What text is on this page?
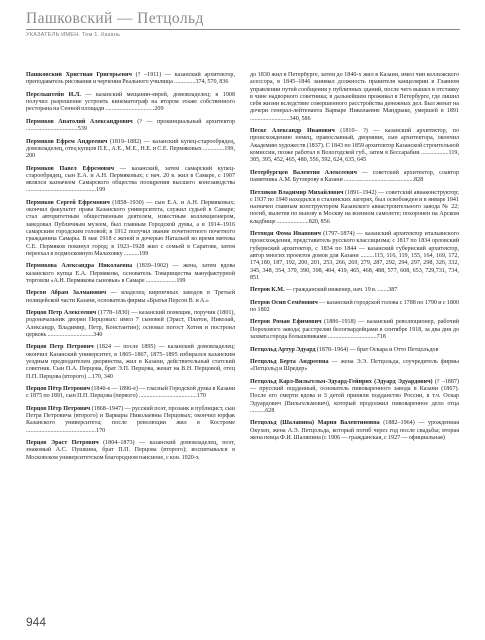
Пашковский — Петцольд
УКАЗАТЕЛЬ ИМЕН. Том 1. Казань

Пашковский Христиан Григорьевич (? –1911) — казанский архитектор, преподаватель рисования и черчения Реального училища ..............374, 570, 836

Перельштейн И.Л. — казанский мещанин-еврей, домовладелец; в 1908 получил разрешение устроить кинематограф на втором этаже собственного ресторана на Сенной площади ................................209

Пермяков Анатолий Александрович (? — прокинциальный архитектор ..................................539

Пермяков Ефрем Андреевич (1819–1882) — казанский купец-старообрядец, домовладелец, отец купцов П.Е., А.Е., М.Е., Н.Е. и С.Е. Пермяковых ..............199, 200

Пермяков Павел Ефремович — казанский, затем самарский купец-старообрядец, сын Е.А. и А.Н. Пермяковых; с нач. 20 в. жил в Самаре, с 1907 являлся казначеем Самарского общества поощрения высшего конезаводства ..............................................199

Пермяков Сергей Ефремович (1858–1930) — сын Е.А. и А.Н. Пермяковых; окончил факультет права Казанского университета, служил судьей в Самаре; стал авторитетным общественным деятелем, известным коллекционером, заведовал Публичным музеем, был главным Городской думы, а в 1914–1916 самарским городским головой; в 1912 получил звание почетнотного почетного гражданина Самары. В мае 1918 с женой и дочерью Натальей во время мятежа С.Е. Пермяков покинул город; в 1923–1928 жил с семьей в Саратове, затем переехал в подмосковную Малаховку ..........199

Пермякова Александра Николаевна (1839–1902) — жена, затем вдова казанского купца Е.А. Пермякова, основатель Товарищества мануфактурной торговли «А.Н. Пермякова сыновья» в Самаре ....................199

Персон Абрам Залманович — владелец кирпичных заводов в Третьей полицейской части Казани, основатель фирмы «Братья Персон В. и А.»

Перцов Петр Алексеевич (1778–1830) — казанский помещик, поручик (1801), родоначальник дворян Перцовых: имел 7 сыновей (Эраст, Платон, Николай, Александр, Владимир, Петр, Константин); основал погост Хотня и построил церковь ..............................340

Перцов Петр Петрович (1824 — после 1895) — казанский домовладелец; окончил Казанский университет, в 1865–1867, 1875–1895 избирался казанским уездным предводителем дворянства, жил в Казани, действительный статский советник. Сын П.А. Перцова, брат Э.П. Перцова, женат на В.Н. Перцовой, отец П.П. Перцова (второго) ...170, 340

Перцов Пётр Петрович (1840-е — 1896-е) — гласный Городской думы в Казани с 1875 по 1891, сын П.П. Перцова (первого) ......................................170

Перцов Пётр Петрович (1868–1947) — русский поэт, прозаик и публицист, сын Петра Петровича (второго) и Варвары Николаевны Перцовых; окончил юрфак Казанского университета; после революции жил в Костроме ..............................................170

Перцов Эраст Петрович (1804–1873) — казанский домовладелец, поэт, знакомый А.С. Пушкина, брат П.П. Перцова (второго); воспитывался в Московском университетском благородном пансионе, с кон. 1920-х

до 1830 жил в Петербурге, затем до 1840-х жил в Казани, имел чин коллежского асессора, в 1845–1846 занимал должность правителя канцелярии в Главном управлении путей сообщения у публичных зданий, после чего вышел в отставку в чине надворного советника; в дальнейшем проживал в Петербурге, где лишил себя жизни вследствие совершенного расстройства денежных дел. Был женат на дочери генерал-лейтенанта Варваре Николаевне Мандрыке, умершей в 1891 ..........................340, 586

Песке Александр Иванович (1810– ?) — казанский архитектор, по происхождению немец, православный, дворянин, сын архитектора, окончил Академию художеств (1837). С 1843 по 1859 архитектор Казанской строительной комиссии, позже работал в Вологодской губ., затем в Бессарабии ..................119, 385, 395, 452, 465, 480, 556, 592, 624, 635, 645

Петербургцев Валентин Алексеевич — советский архитектор, соавтор памятника А.М. Бутлерову в Казани ..............................................828

Петляков Владимир Михайлович (1891–1942) — советский авиаконструктор; с 1937 по 1940 находился в сталинских лагерях, был освобожден и в январе 1941 назначен главным конструктором Казанского авиастроительного завода № 22; погиб, вылетев по вызову в Москву на военном самолете; похоронен на Арском кладбище .....................820, 856

Петонди Фома Иванович (1797–1874) — казанский архитектор итальянского происхождения, представитель русского классицизма; с 1817 по 1834 орловский губернский архитектор, с 1834 по 1844 — казанский губернский архитектор, автор многих проектов домов для Казани .........115, 116, 119, 155, 164, 169, 172, 174,180, 187, 192, 200, 201, 253, 266, 269, 279, 287, 292, 294, 297, 298, 326, 332, 345, 348, 354, 379, 390, 398, 404, 419, 465, 468, 488, 577, 608, 653, 729,731, 734, 851

Петров К.М. — гражданский инженер, нач. 19 в. .......387

Петров Осип Семёнович — казанский городской голова с 1788 по 1790 и с 1800 по 1802

Петров Роман Ефимович (1886–1918) — казанский революционер, рабочий Порохового завода; расстрелян белогвардейцами в сентябре 1918, за два дня до захвата города большевиками ................................718

Петцольд Артур Эдуард (1878–1964) — брат Оскара и Отто Петцольдов

Петцольд Берта Андреевна — жена Э.Э. Петцольда, соучредитель фирмы «Петцольд и Шредер»

Петцольд Карл-Вильгельм-Эдуард-Гейнрих (Эдуард Эдуардович) (? –1887) — прусский подданный, основатель пивоваренного завода в Казани (1867). После его смерти вдова и 3 детей приняли подданство России, в т.ч. Оскар Эдуардович (Вильгельмович), который продолжил пивоваренное дело отца ..........628

Петцольд (Шалапина) Мария Валентиновна (1882–1964) — урожденная Окухен, жена А.Э. Петцольда, который погиб через год после свадьбы; вторая жена певца Ф.И. Шаляпина (с 1906 — гражданская, с 1927 — официальная)

944
